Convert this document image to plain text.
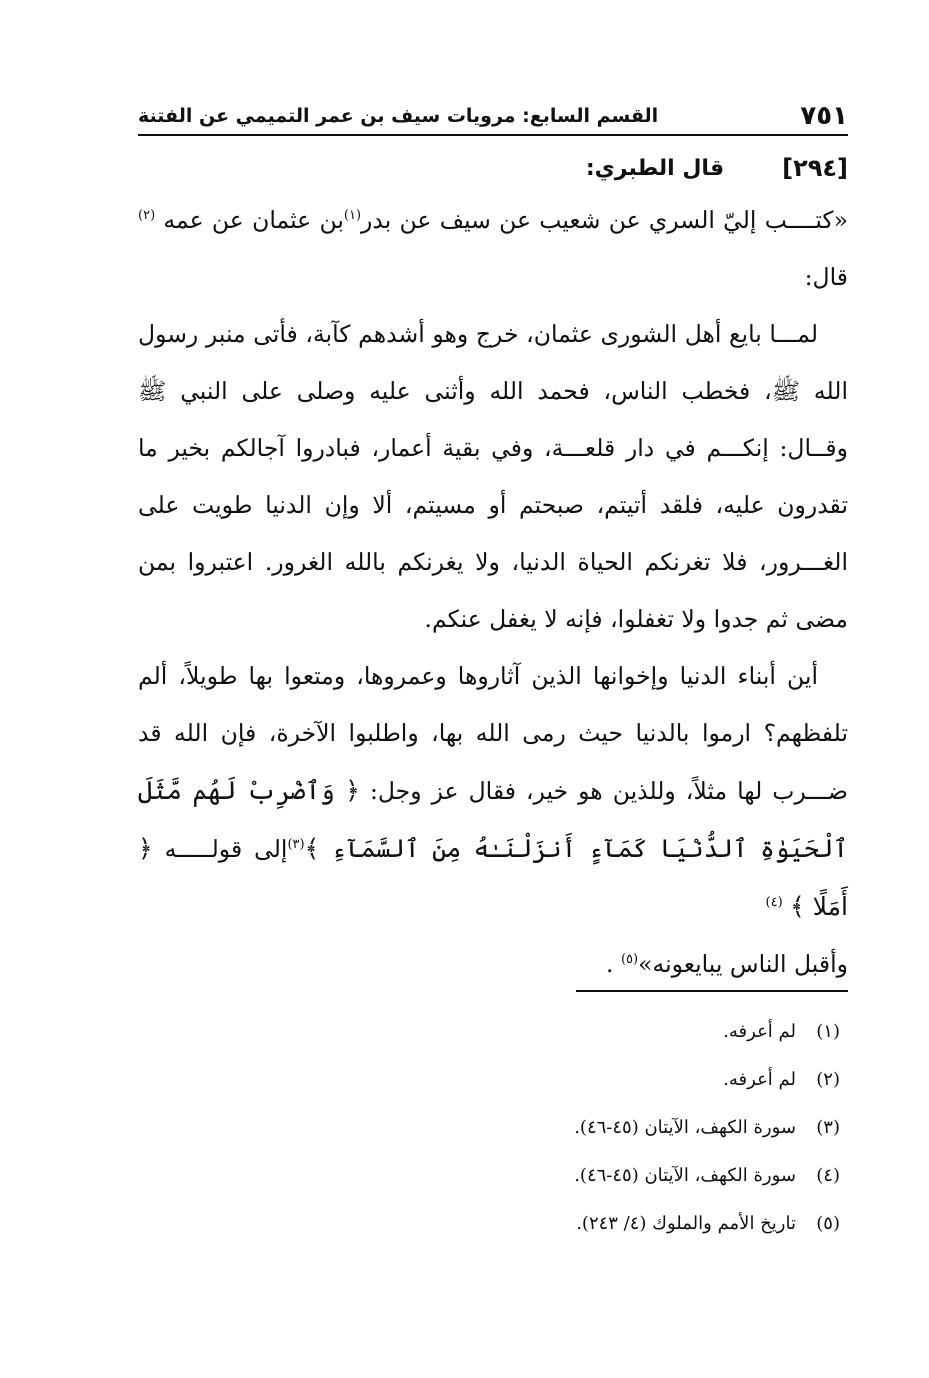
٧٥١
القسم السابع: مرويات سيف بن عمر التميمي عن الفتنة
[٢٩٤]
قال الطبري:

«كتــــب إليّ السري عن شعيب عن سيف عن بدر$^{(١)}$بن عثمان عن عمه $^{(٢)}$ قال:

لمـــا بايع أهل الشورى عثمان، خرج وهو أشدهم كآبة، فأتى منبر رسول الله ﷺ، فخطب الناس، فحمد الله وأثنى عليه وصلى على النبي ﷺ وقــال: إنكـــم في دار قلعـــة، وفي بقية أعمار، فبادروا آجالكم بخير ما تقدرون عليه، فلقد أتيتم، صبحتم أو مسيتم، ألا وإن الدنيا طويت على الغـــرور، فلا تغرنكم الحياة الدنيا، ولا يغرنكم بالله الغرور. اعتبروا بمن مضى ثم جدوا ولا تغفلوا، فإنه لا يغفل عنكم.

أين أبناء الدنيا وإخوانها الذين آثاروها وعمروها، ومتعوا بها طويلاً، ألم تلفظهم؟ ارموا بالدنيا حيث رمى الله بها، واطلبوا الآخرة، فإن الله قد ضـــرب لها مثلاً، وللذين هو خير، فقال عز وجل: ﴿ وَٱضْرِبْ لَهُم مَّثَلَ ٱلْحَيَوٰةِ ٱلدُّنْيَا كَمَآءٍ أَنزَلْنَـٰهُ مِنَ ٱلسَّمَآءِ ﴾$^{(٣)}$إلى قولـــــه ﴿ أَمَلًا ﴾ $^{(٤)}$

وأقبل الناس يبايعونه»$^{(٥)}$ .

(١)
لم أعرفه.
(٢)
لم أعرفه.
(٣)
سورة الكهف، الآيتان (٤٥-٤٦).
(٤)
سورة الكهف، الآيتان (٤٥-٤٦).
(٥)
تاريخ الأمم والملوك (٤/ ٢٤٣).
